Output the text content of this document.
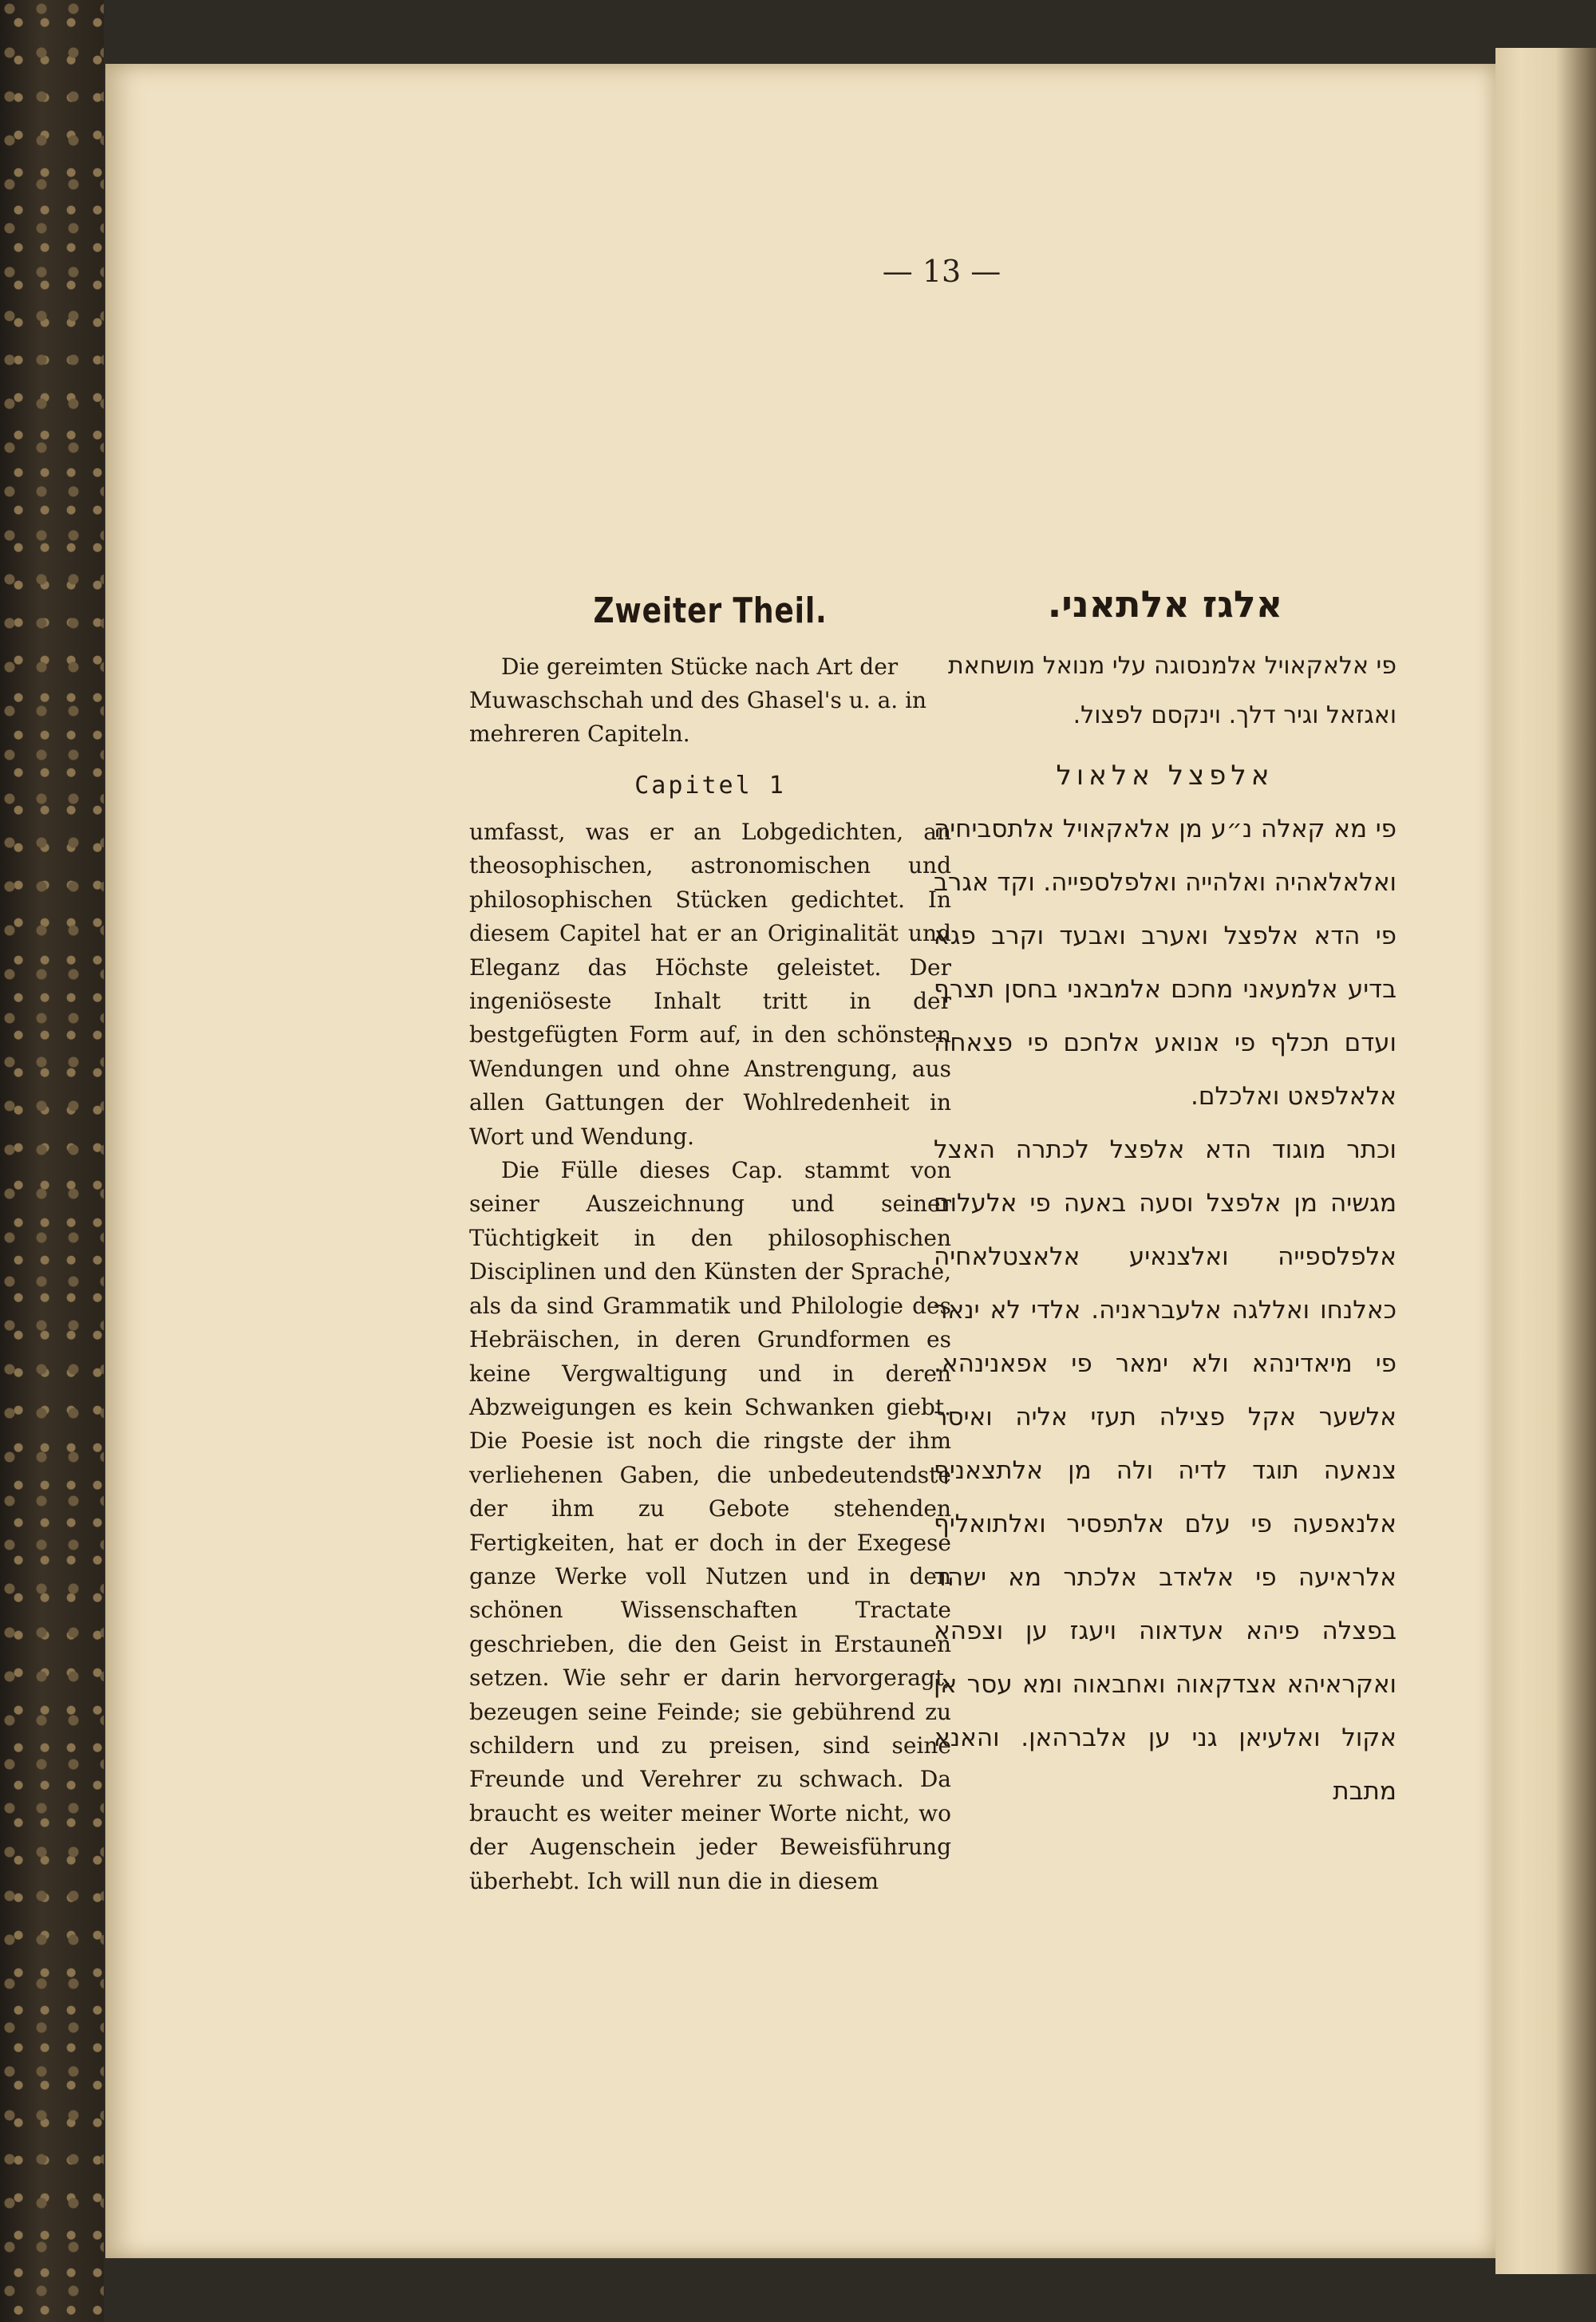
— 13 —
Zweiter Theil.
Die gereimten Stücke nach Art der Muwaschschah und des Ghasel's u. a. in mehreren Capiteln.
Capitel 1

umfasst, was er an Lobgedichten, an theosophischen, astronomischen und philosophischen Stücken gedichtet. In diesem Capitel hat er an Originalität und Eleganz das Höchste geleistet. Der ingeniöseste Inhalt tritt in der bestgefügten Form auf, in den schönsten Wendungen und ohne Anstrengung, aus allen Gattungen der Wohlredenheit in Wort und Wendung.

Die Fülle dieses Cap. stammt von seiner Auszeichnung und seiner Tüchtigkeit in den philosophischen Disciplinen und den Künsten der Sprache, als da sind Grammatik und Philologie des Hebräischen, in deren Grundformen es keine Vergwaltigung und in deren Abzweigungen es kein Schwanken giebt. Die Poesie ist noch die ringste der ihm verliehenen Gaben, die unbedeutendste der ihm zu Gebote stehenden Fertigkeiten, hat er doch in der Exegese ganze Werke voll Nutzen und in den schönen Wissenschaften Tractate geschrieben, die den Geist in Erstaunen setzen. Wie sehr er darin hervorgeragt, bezeugen seine Feinde; sie gebührend zu schildern und zu preisen, sind seine Freunde und Verehrer zu schwach. Da braucht es weiter meiner Worte nicht, wo der Augenschein jeder Beweisführung überhebt. Ich will nun die in diesem

אלגז אלתאני.
פי אלאקאויל אלמנסוגה עלי מנואל מושחאת ואגזאל וגיר דלך. וינקסם לפצול.
אלפצל אלאול
פי מא קאלה נ״ע מן אלאקאויל אלתסביחיה ואלאלאהיה ואלהייה ואלפלספייה. וקד אגרב פי הדא אלפצל ואערב ואבעד וקרב פגא בדיע אלמעאני מחכם אלמבאני בחסן תצרף ועדם תכלף פי אנואע אלחכם פי פצאחה אלאלפאט ואלכלם.
וכתר מוגוד הדא אלפצל לכתרה האצל מגשיה מן אלפצל וסעה באעה פי אלעלום אלפלספייה ואלצנאיע אלאצטלאחיה כאלנחו ואללגה אלעבראניה. אלדי לא ינאר פי מיאדינהא ולא ימאר פי אפאנינהא. אלשער אקל פצילה תעזי אליה ואיסר צנאעה תוגד לדיה ולה מן אלתצאניף אלנאפעה פי עלם אלתפסיר ואלתואליף אלראיעה פי אלאדב אלכתר מא ישהד בפצלה פיהא אעדאוה ויעגז ען וצפהא ואקראיהא אצדקאוה ואחבאוה ומא עסר אן אקול ואלעיאן גני ען אלברהאן. והאנא מתבת
